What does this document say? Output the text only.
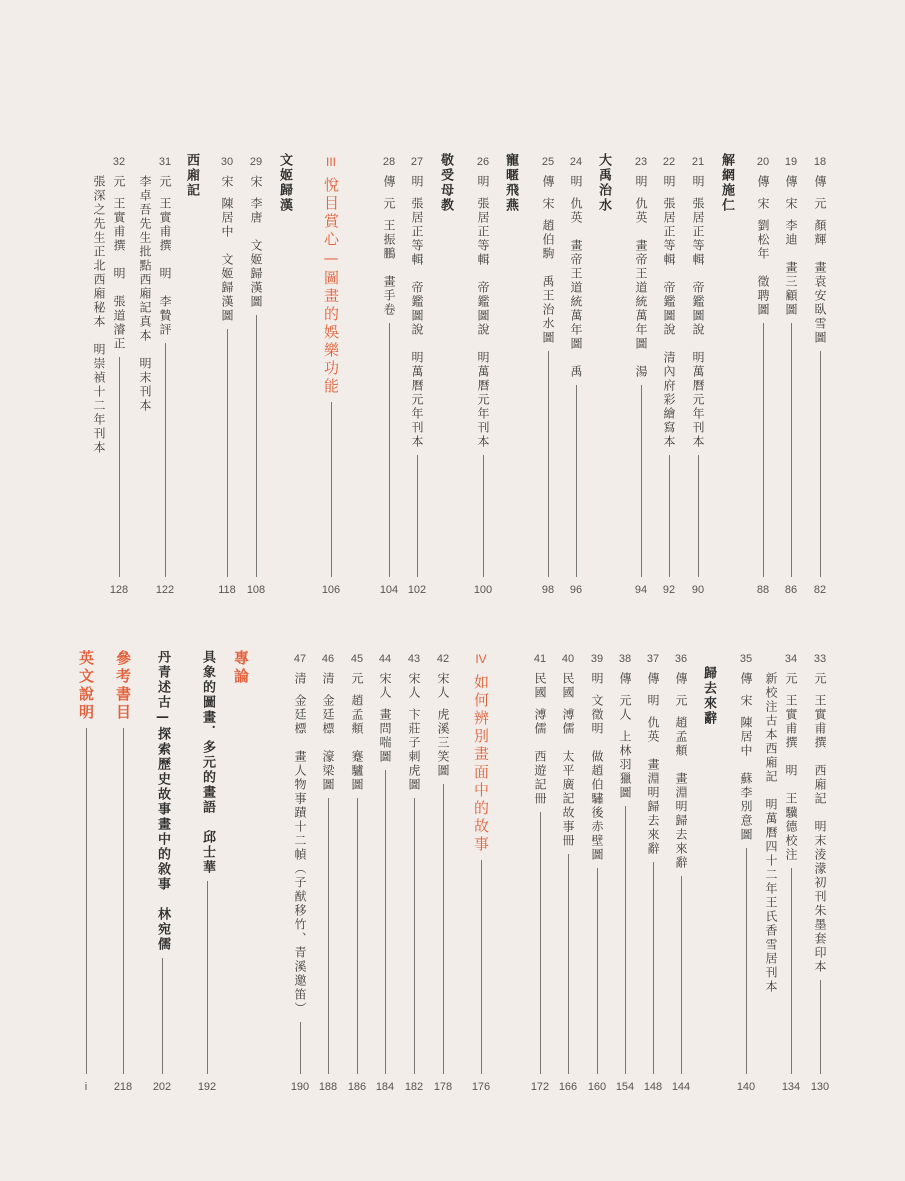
18
傳元顏輝　畫袁安臥雪圖
82
19
傳宋李迪　畫三顧圖
86
20
傳宋劉松年　徵聘圖
88
解網施仁
21
明張居正等輯　帝鑑圖說　明萬曆元年刊本
90
22
明張居正等輯　帝鑑圖說　清內府彩繪寫本
92
23
明仇英　畫帝王道統萬年圖　湯
94
大禹治水
24
明仇英　畫帝王道統萬年圖　禹
96
25
傳宋趙伯駒　禹王治水圖
98
寵暱飛燕
26
明張居正等輯　帝鑑圖說　明萬曆元年刊本
100
敬受母教
27
明張居正等輯　帝鑑圖說　明萬曆元年刊本
102
28
傳元王振鵬　畫手卷
104
III
悅目賞心—圖畫的娛樂功能
106
文姬歸漢
29
宋李唐　文姬歸漢圖
108
30
宋陳居中　文姬歸漢圖
118
西廂記
31
元王實甫撰　明　李贄評
122
李卓吾先生批點西廂記真本　明末刊本
32
元王實甫撰　明　張道濬正
128
張深之先生正北西廂秘本　明崇禎十二年刊本
33
元王實甫撰　西廂記　明末淩濛初刊朱墨套印本
130
34
元王實甫撰　明　王驥德校注
134
新校注古本西廂記　明萬曆四十二年王氏香雪居刊本
35
傳宋陳居中　蘇李別意圖
140
歸去來辭
36
傳元趙孟頫　畫淵明歸去來辭
144
37
傳明仇英　畫淵明歸去來辭
148
38
傳元人上林羽獵圖
154
39
明文徵明　做趙伯驌後赤壁圖
160
40
民國溥儒　太平廣記故事冊
166
41
民國溥儒　西遊記冊
172
IV
如何辨別畫面中的故事
176
42
宋人虎溪三笑圖
178
43
宋人卞莊子刺虎圖
182
44
宋人畫問喘圖
184
45
元趙孟頫　蹇驢圖
186
46
清金廷標　濠梁圖
188
47
清金廷標　畫人物事蹟十二幀（子猷移竹、青溪邀笛）
190
專論
具象的圖畫．多元的畫語　邱士華
192
丹青述古—探索歷史故事畫中的敘事　林宛儒
202
參考書目
218
英文說明
i
